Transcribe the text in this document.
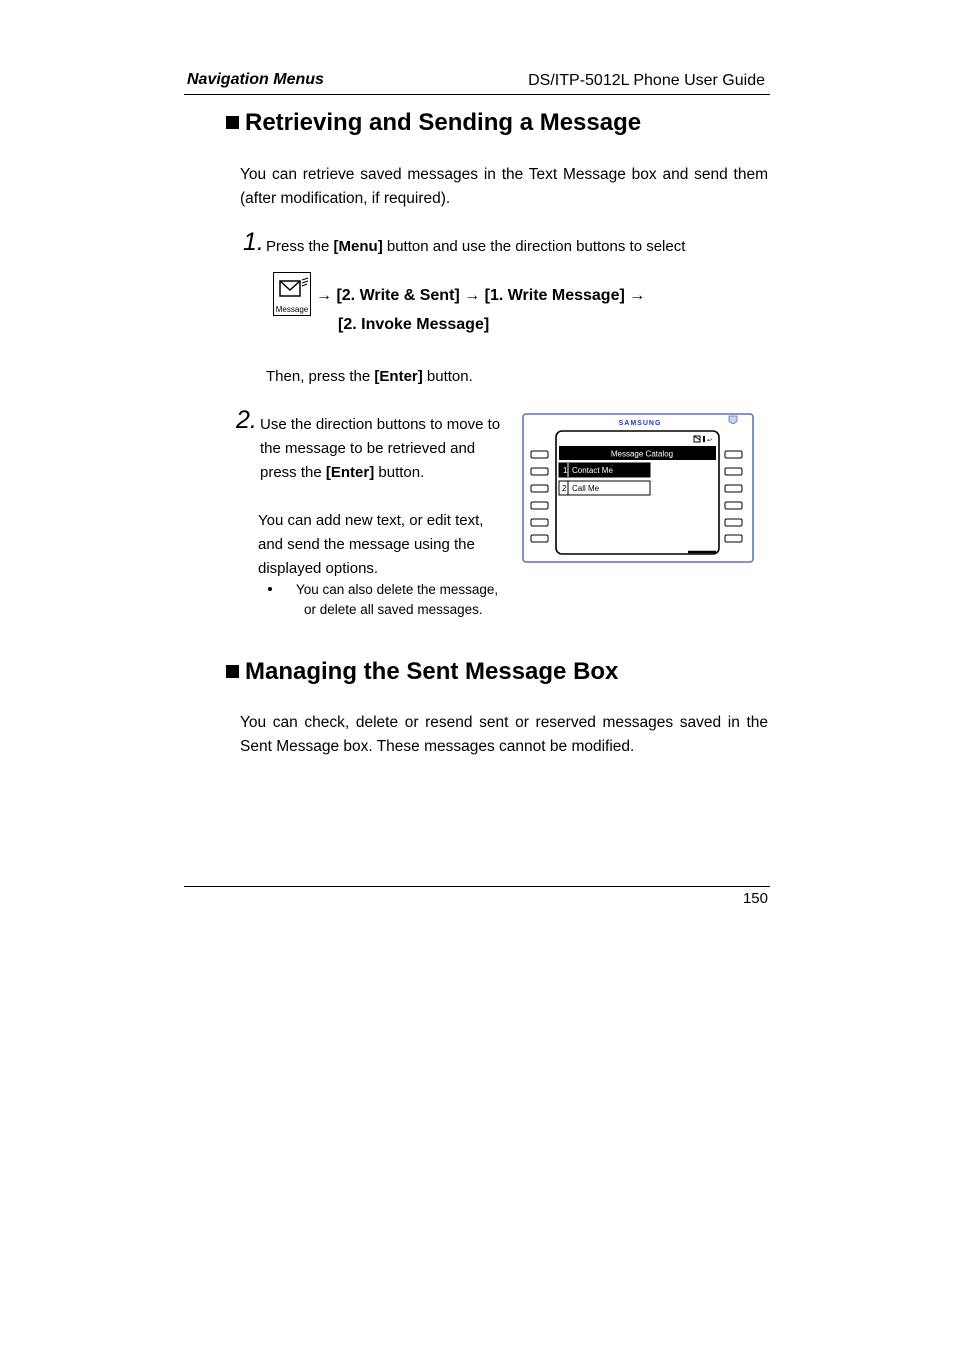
Navigation Menus	DS/ITP-5012L Phone User Guide
Retrieving and Sending a Message
You can retrieve saved messages in the Text Message box and send them (after modification, if required).
1. Press the [Menu] button and use the direction buttons to select
Message
→ [2. Write & Sent] → [1. Write Message] →
[2. Invoke Message]
Then, press the [Enter] button.
2. Use the direction buttons to move to
the message to be retrieved and
press the [Enter] button.
You can add new text, or edit text,
and send the message using the
displayed options.
You can also delete the message,
or delete all saved messages.
SAMSUNG
↩
Message Catalog
1 Contact Me
2 Call Me
Managing the Sent Message Box
You can check, delete or resend sent or reserved messages saved in the Sent Message box. These messages cannot be modified.
150
